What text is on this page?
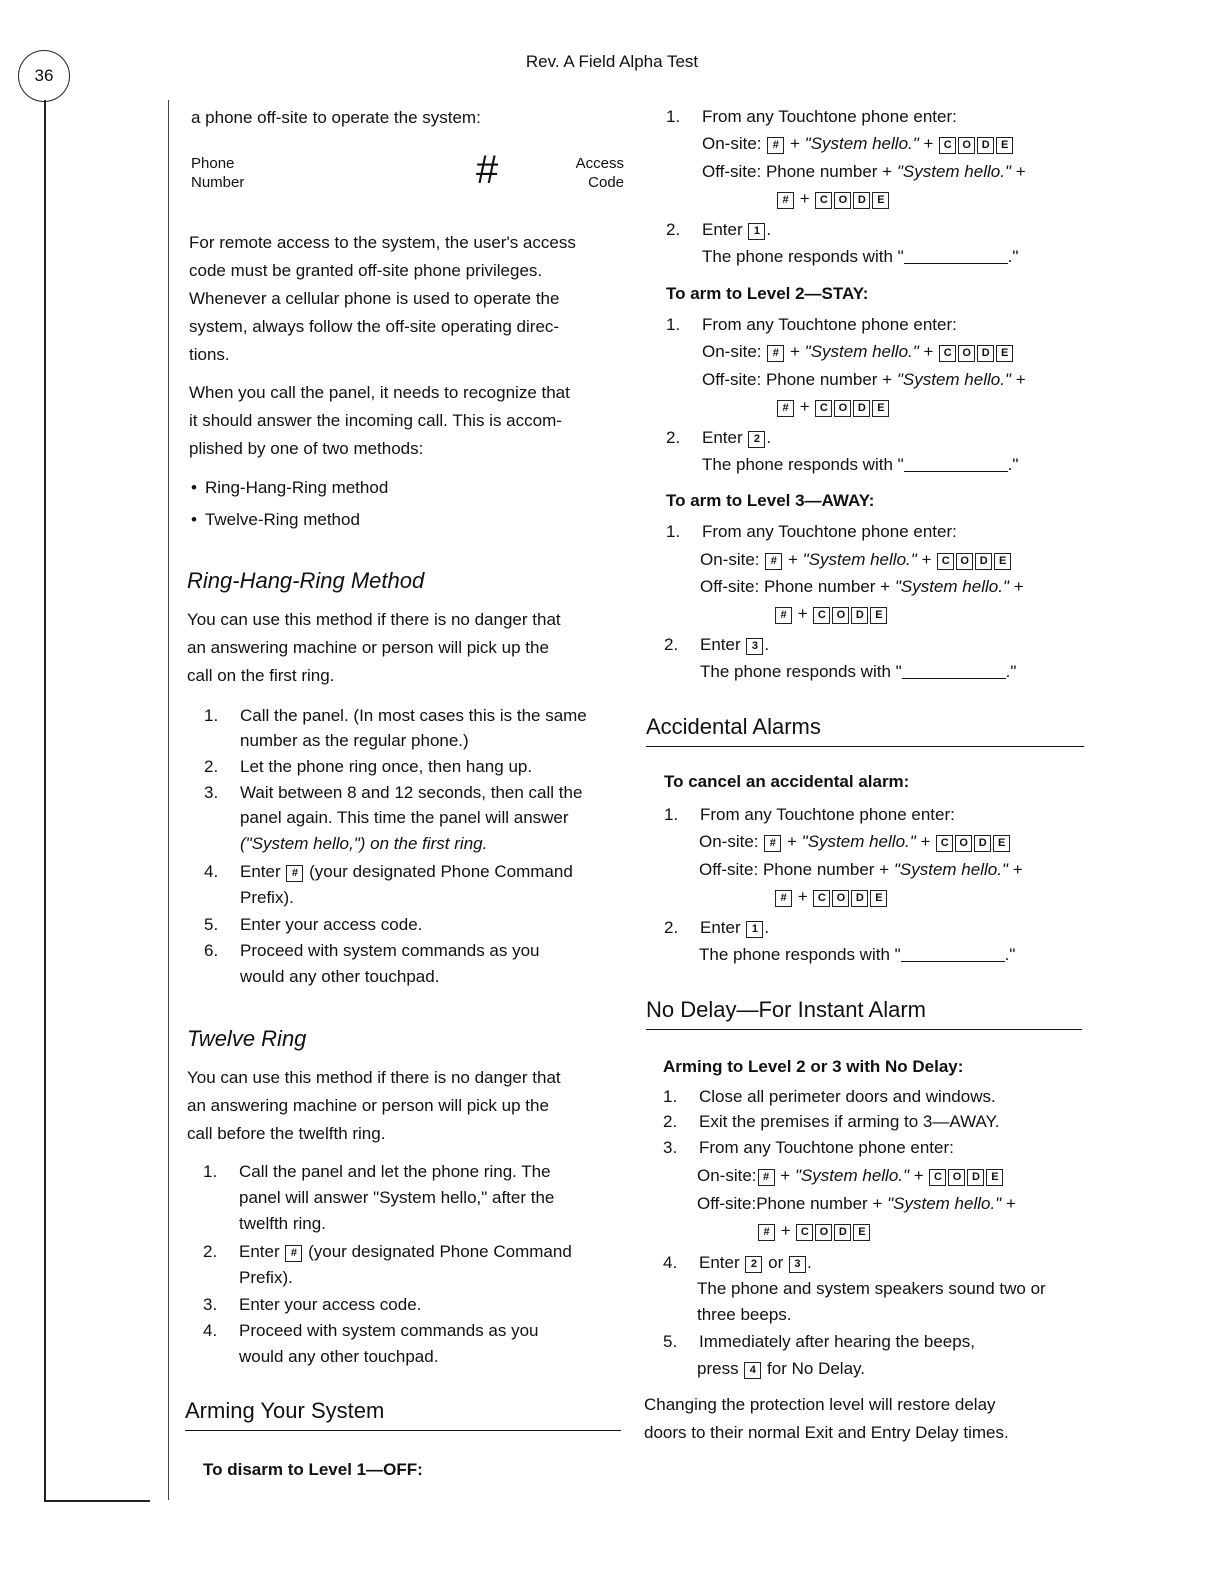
36
Rev. A Field Alpha Test
a phone off-site to operate the system:
Phone
Number	#	Access
Code

For remote access to the system, the user's access

code must be granted off-site phone privileges.

Whenever a cellular phone is used to operate the

system, always follow the off-site operating direc-

tions.

When you call the panel, it needs to recognize that

it should answer the incoming call. This is accom-

plished by one of two methods:

• Ring-Hang-Ring method
• Twelve-Ring method
Ring-Hang-Ring Method

You can use this method if there is no danger that

an answering machine or person will pick up the

call on the first ring.

1. Call the panel. (In most cases this is the same
number as the regular phone.)
2. Let the phone ring once, then hang up.
3. Wait between 8 and 12 seconds, then call the
panel again. This time the panel will answer
("System hello,") on the first ring.
4. Enter # (your designated Phone Command
Prefix).
5. Enter your access code.
6. Proceed with system commands as you
would any other touchpad.
Twelve Ring

You can use this method if there is no danger that

an answering machine or person will pick up the

call before the twelfth ring.

1. Call the panel and let the phone ring. The
panel will answer "System hello," after the
twelfth ring.
2. Enter # (your designated Phone Command
Prefix).
3. Enter your access code.
4. Proceed with system commands as you
would any other touchpad.
Arming Your System
To disarm to Level 1—OFF:
1. From any Touchtone phone enter:
On-site: # + "System hello." + C O D E
Off-site: Phone number + "System hello." +
# + C O D E
2. Enter 1 .
The phone responds with "	."
To arm to Level 2—STAY:
1. From any Touchtone phone enter:
On-site: # + "System hello." + C O D E
Off-site: Phone number + "System hello." +
# + C O D E
2. Enter 2 .
The phone responds with "	."
To arm to Level 3—AWAY:
1. From any Touchtone phone enter:
On-site: # + "System hello." + C O D E
Off-site: Phone number + "System hello." +
# + C O D E
2. Enter 3 .
The phone responds with "	."
Accidental Alarms
To cancel an accidental alarm:
1. From any Touchtone phone enter:
On-site: # + "System hello." + C O D E
Off-site: Phone number + "System hello." +
# + C O D E
2. Enter 1 .
The phone responds with "	."
No Delay—For Instant Alarm
Arming to Level 2 or 3 with No Delay:
1. Close all perimeter doors and windows.
2. Exit the premises if arming to 3—AWAY.
3. From any Touchtone phone enter:
On-site: # + "System hello." + C O D E
Off-site:Phone number + "System hello." +
# + C O D E
4. Enter 2 or 3 .
The phone and system speakers sound two or
three beeps.
5. Immediately after hearing the beeps,
press 4 for No Delay.

Changing the protection level will restore delay

doors to their normal Exit and Entry Delay times.
